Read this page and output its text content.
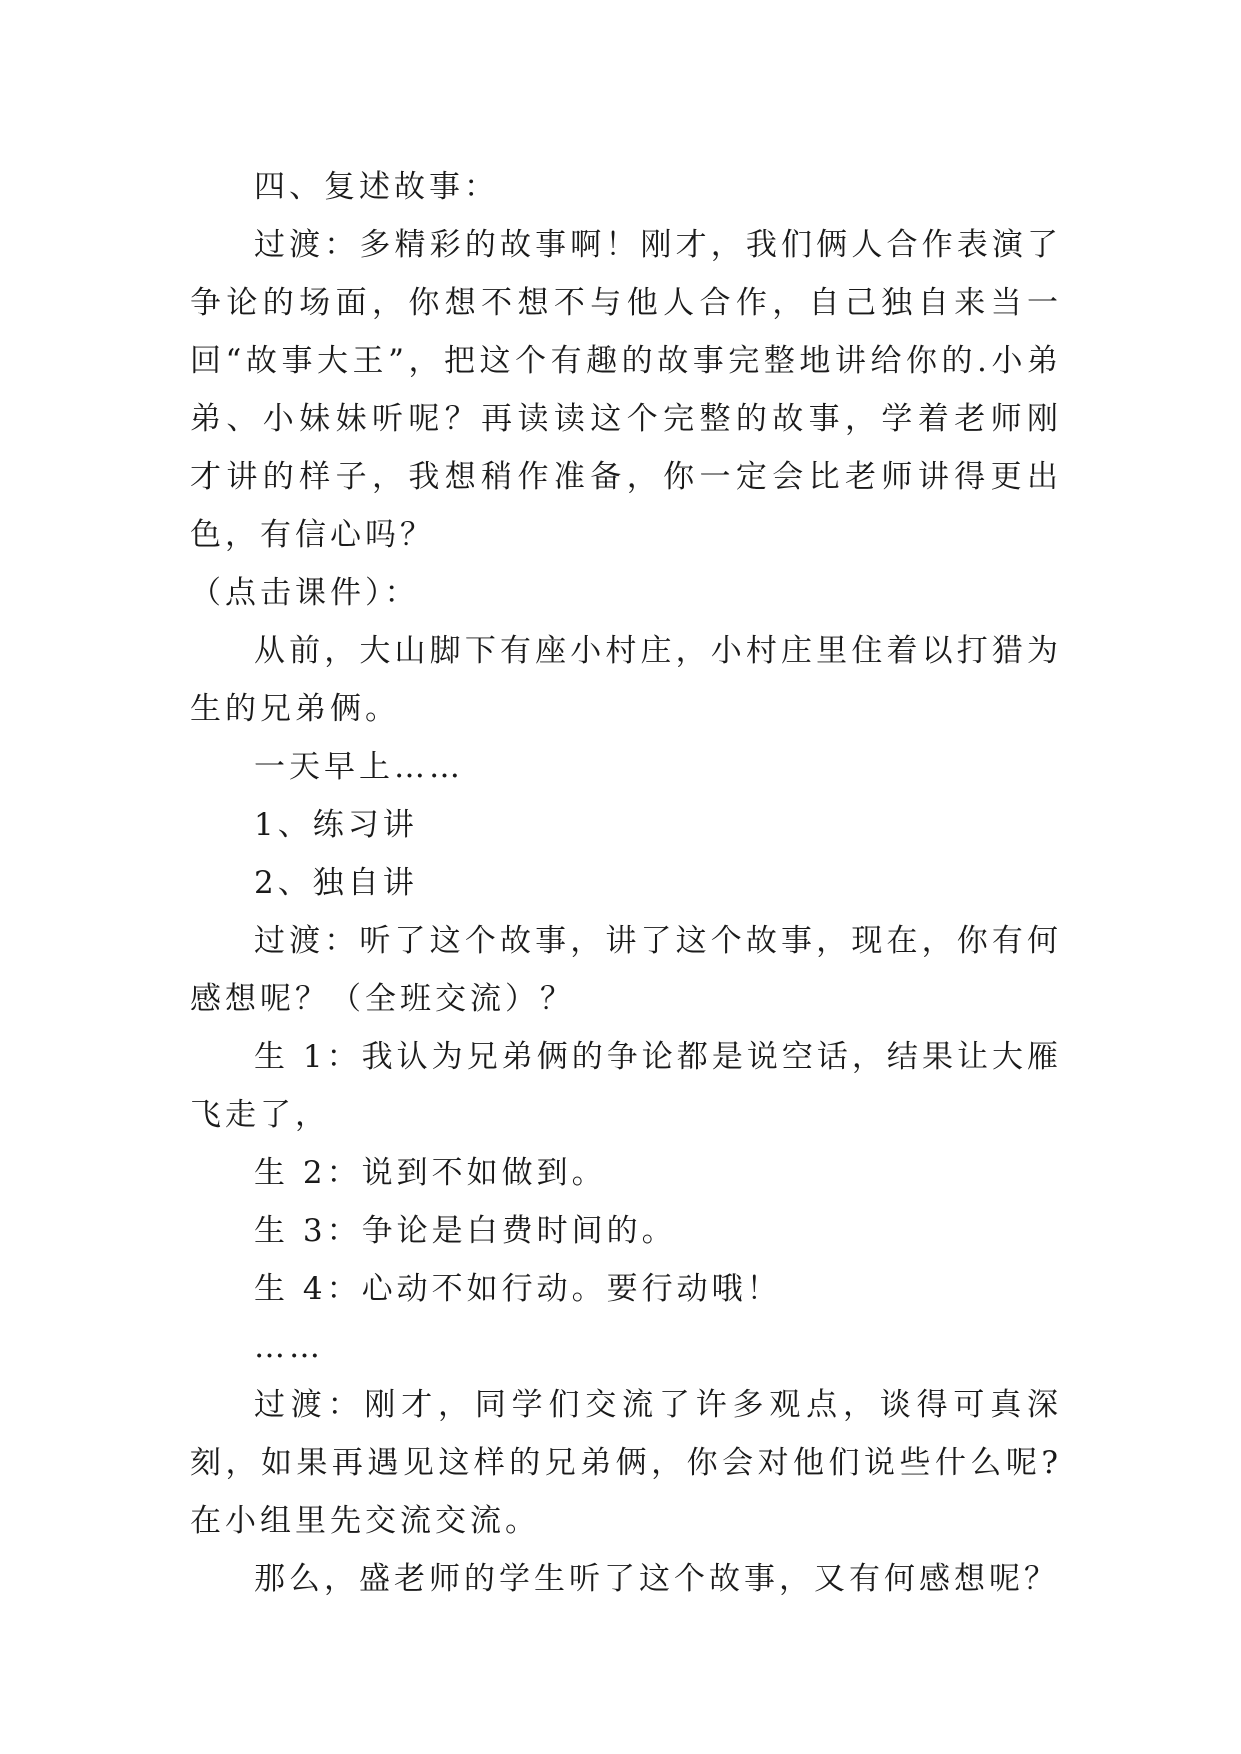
四、复述故事：

过渡：多精彩的故事啊！刚才，我们俩人合作表演了争论的场面，你想不想不与他人合作，自己独自来当一回“故事大王”，把这个有趣的故事完整地讲给你的.小弟弟、小妹妹听呢？再读读这个完整的故事，学着老师刚才讲的样子，我想稍作准备，你一定会比老师讲得更出色，有信心吗？

（点击课件）：

从前，大山脚下有座小村庄，小村庄里住着以打猎为生的兄弟俩。

一天早上……

1、练习讲

2、独自讲

过渡：听了这个故事，讲了这个故事，现在，你有何感想呢？（全班交流）？

生 1：我认为兄弟俩的争论都是说空话，结果让大雁飞走了，

生 2：说到不如做到。

生 3：争论是白费时间的。

生 4：心动不如行动。要行动哦！

……

过渡：刚才，同学们交流了许多观点，谈得可真深刻，如果再遇见这样的兄弟俩，你会对他们说些什么呢?在小组里先交流交流。

那么，盛老师的学生听了这个故事，又有何感想呢？
